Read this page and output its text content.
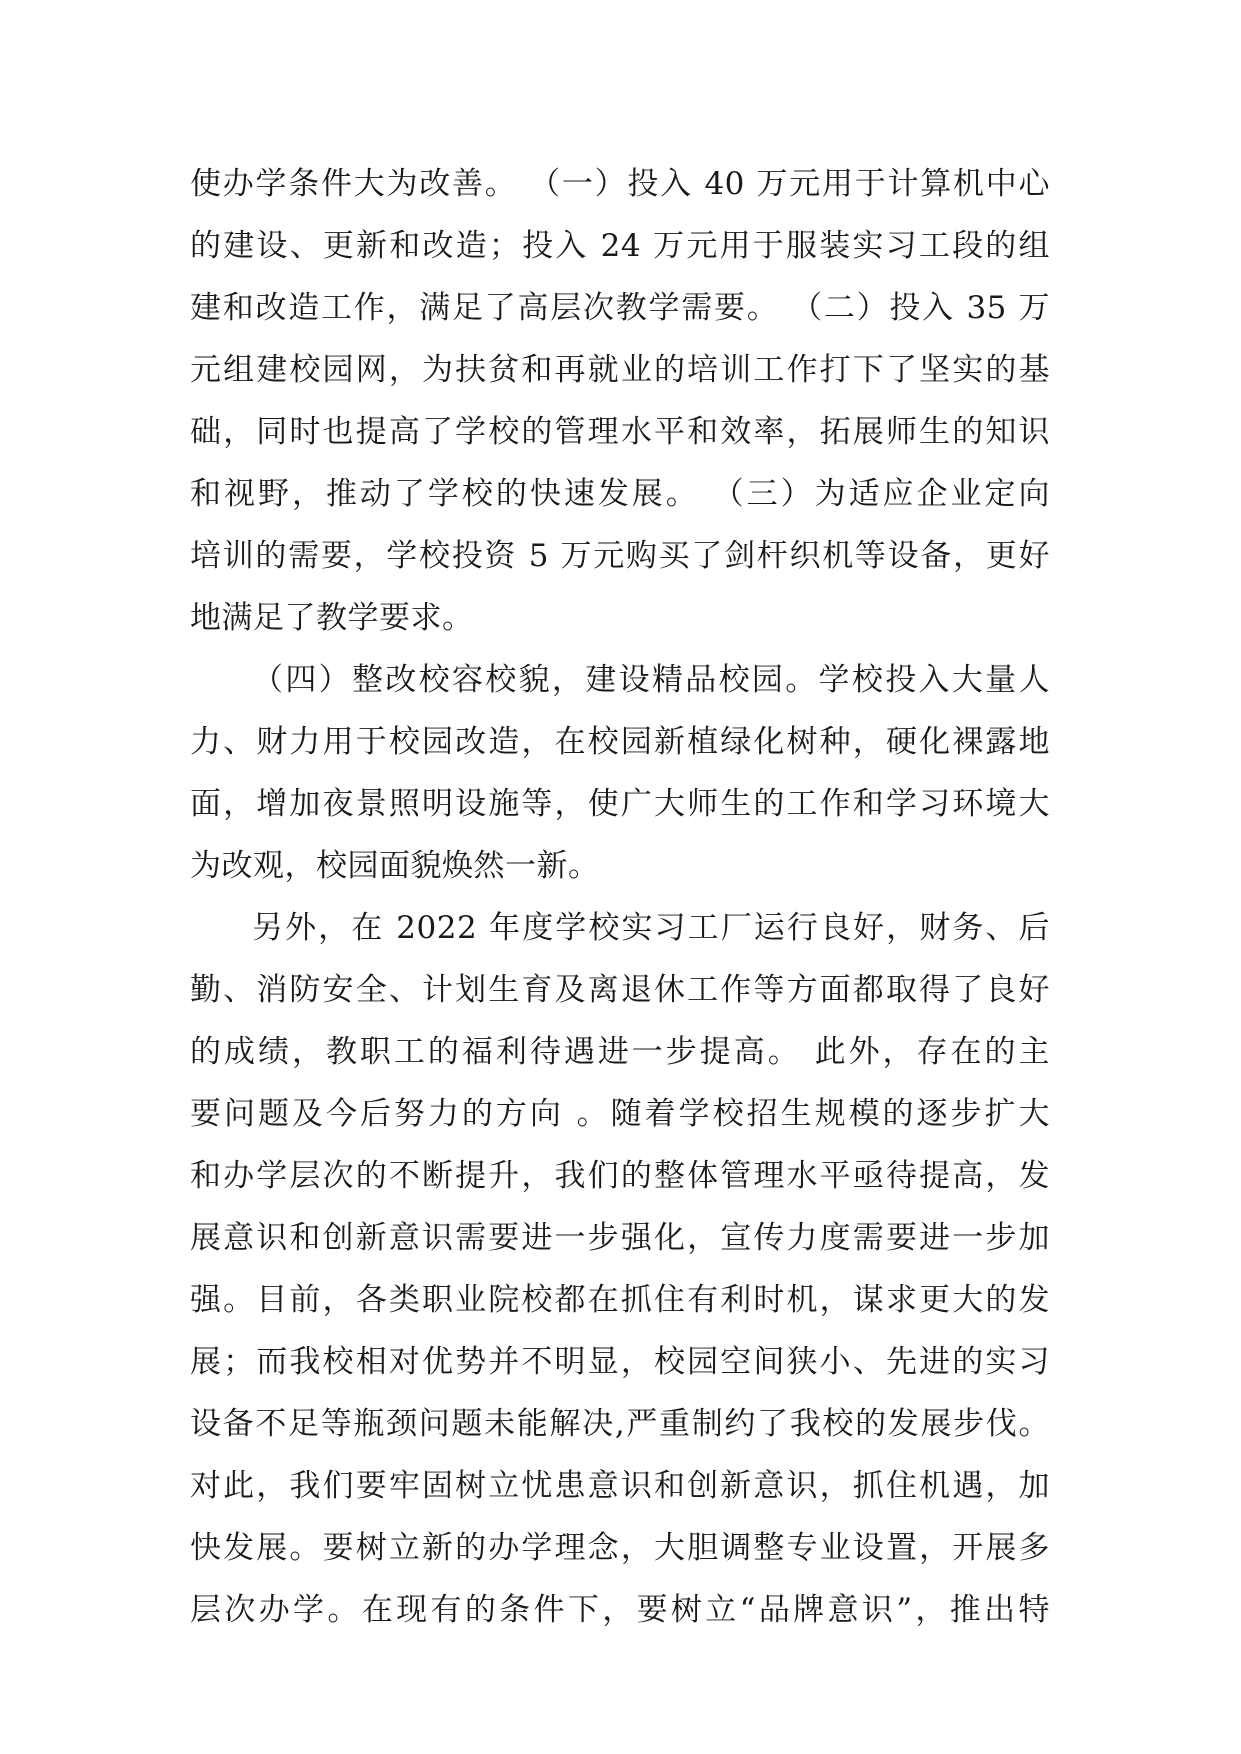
使办学条件大为改善。 （一）投入 40 万元用于计算机中心
的建设、更新和改造；投入 24 万元用于服装实习工段的组
建和改造工作，满足了高层次教学需要。 （二）投入 35 万
元组建校园网，为扶贫和再就业的培训工作打下了坚实的基
础，同时也提高了学校的管理水平和效率，拓展师生的知识
和视野，推动了学校的快速发展。 （三）为适应企业定向
培训的需要，学校投资 5 万元购买了剑杆织机等设备，更好
地满足了教学要求。
（四）整改校容校貌，建设精品校园。学校投入大量人
力、财力用于校园改造，在校园新植绿化树种，硬化裸露地
面，增加夜景照明设施等，使广大师生的工作和学习环境大
为改观，校园面貌焕然一新。
另外，在 2022 年度学校实习工厂运行良好，财务、后
勤、消防安全、计划生育及离退休工作等方面都取得了良好
的成绩，教职工的福利待遇进一步提高。 此外，存在的主
要问题及今后努力的方向 。随着学校招生规模的逐步扩大
和办学层次的不断提升，我们的整体管理水平亟待提高，发
展意识和创新意识需要进一步强化，宣传力度需要进一步加
强。目前，各类职业院校都在抓住有利时机，谋求更大的发
展；而我校相对优势并不明显，校园空间狭小、先进的实习
设备不足等瓶颈问题未能解决,严重制约了我校的发展步伐。
对此，我们要牢固树立忧患意识和创新意识，抓住机遇，加
快发展。要树立新的办学理念，大胆调整专业设置，开展多
层次办学。在现有的条件下，要树立“品牌意识”，推出特
